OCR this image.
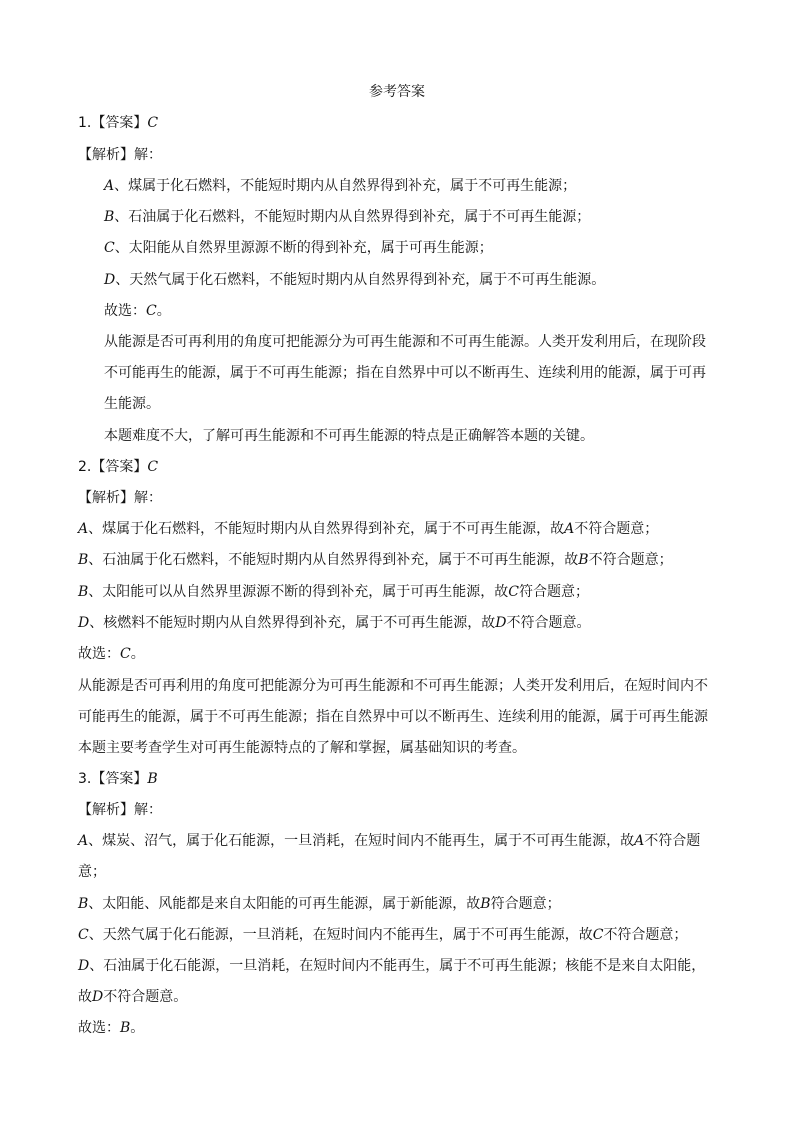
参考答案
1.【答案】C
【解析】解：
A、煤属于化石燃料，不能短时期内从自然界得到补充，属于不可再生能源；
B、石油属于化石燃料，不能短时期内从自然界得到补充，属于不可再生能源；
C、太阳能从自然界里源源不断的得到补充，属于可再生能源；
D、天然气属于化石燃料，不能短时期内从自然界得到补充，属于不可再生能源。
故选：C。
从能源是否可再利用的角度可把能源分为可再生能源和不可再生能源。人类开发利用后，在现阶段
不可能再生的能源，属于不可再生能源；指在自然界中可以不断再生、连续利用的能源，属于可再
生能源。
本题难度不大，了解可再生能源和不可再生能源的特点是正确解答本题的关键。
2.【答案】C
【解析】解：
A、煤属于化石燃料，不能短时期内从自然界得到补充，属于不可再生能源，故A不符合题意；
B、石油属于化石燃料，不能短时期内从自然界得到补充，属于不可再生能源，故B不符合题意；
B、太阳能可以从自然界里源源不断的得到补充，属于可再生能源，故C符合题意；
D、核燃料不能短时期内从自然界得到补充，属于不可再生能源，故D不符合题意。
故选：C。
从能源是否可再利用的角度可把能源分为可再生能源和不可再生能源；人类开发利用后，在短时间内不
可能再生的能源，属于不可再生能源；指在自然界中可以不断再生、连续利用的能源，属于可再生能源
本题主要考查学生对可再生能源特点的了解和掌握，属基础知识的考查。
3.【答案】B
【解析】解：
A、煤炭、沼气，属于化石能源，一旦消耗，在短时间内不能再生，属于不可再生能源，故A不符合题
意；
B、太阳能、风能都是来自太阳能的可再生能源，属于新能源，故B符合题意；
C、天然气属于化石能源，一旦消耗，在短时间内不能再生，属于不可再生能源，故C不符合题意；
D、石油属于化石能源，一旦消耗，在短时间内不能再生，属于不可再生能源；核能不是来自太阳能，
故D不符合题意。
故选：B。
